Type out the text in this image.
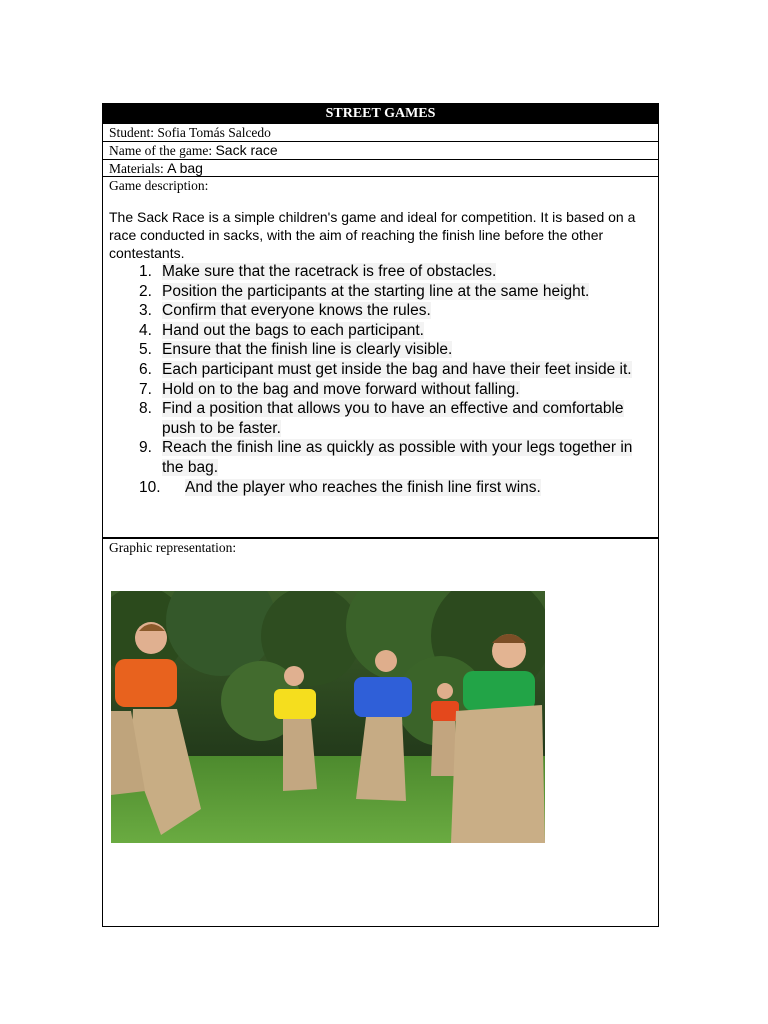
STREET GAMES
Student: Sofia Tomás Salcedo
Name of the game: Sack race
Materials: A bag
Game description:
The Sack Race is a simple children's game and ideal for competition. It is based on a race conducted in sacks, with the aim of reaching the finish line before the other contestants.
1. Make sure that the racetrack is free of obstacles.
2. Position the participants at the starting line at the same height.
3. Confirm that everyone knows the rules.
4. Hand out the bags to each participant.
5. Ensure that the finish line is clearly visible.
6. Each participant must get inside the bag and have their feet inside it.
7. Hold on to the bag and move forward without falling.
8. Find a position that allows you to have an effective and comfortable push to be faster.
9. Reach the finish line as quickly as possible with your legs together in the bag.
10. And the player who reaches the finish line first wins.
Graphic representation:
